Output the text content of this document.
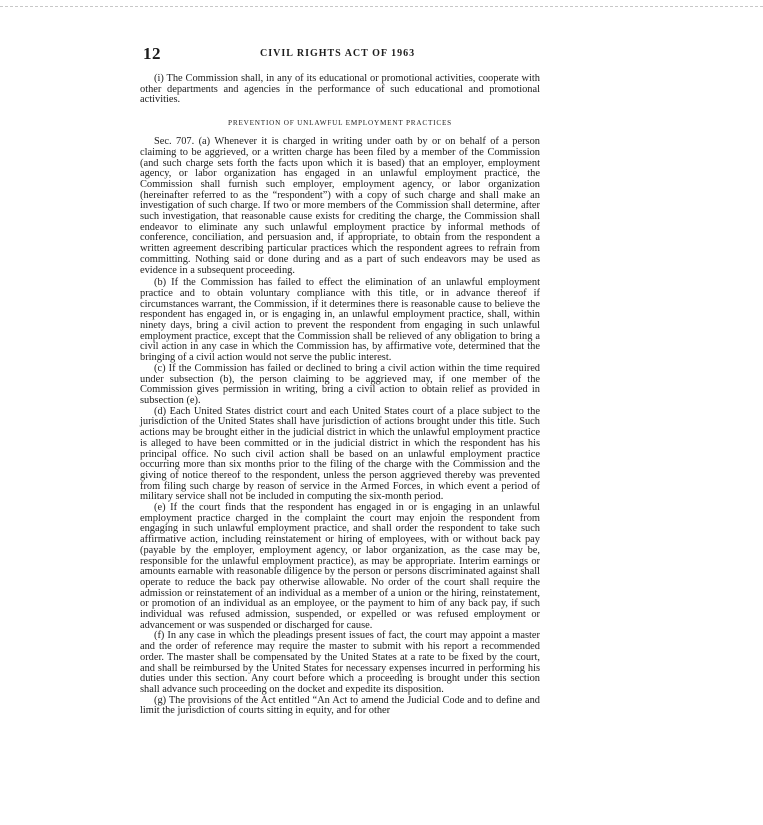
12	CIVIL RIGHTS ACT OF 1963

(i) The Commission shall, in any of its educational or promotional activities, cooperate with other departments and agencies in the performance of such educational and promotional activities.

PREVENTION OF UNLAWFUL EMPLOYMENT PRACTICES

Sec. 707. (a) Whenever it is charged in writing under oath by or on behalf of a person claiming to be aggrieved, or a written charge has been filed by a member of the Commission (and such charge sets forth the facts upon which it is based) that an employer, employment agency, or labor organization has engaged in an unlawful employment practice, the Commission shall furnish such employer, employment agency, or labor organization (hereinafter referred to as the “respondent”) with a copy of such charge and shall make an investigation of such charge. If two or more members of the Commission shall determine, after such investigation, that reasonable cause exists for crediting the charge, the Commission shall endeavor to eliminate any such unlawful employment practice by informal methods of conference, conciliation, and persuasion and, if appropriate, to obtain from the respondent a written agreement describing particular practices which the respondent agrees to refrain from committing. Nothing said or done during and as a part of such endeavors may be used as evidence in a subsequent proceeding.

(b) If the Commission has failed to effect the elimination of an unlawful employment practice and to obtain voluntary compliance with this title, or in advance thereof if circumstances warrant, the Commission, if it determines there is reasonable cause to believe the respondent has engaged in, or is engaging in, an unlawful employment practice, shall, within ninety days, bring a civil action to prevent the respondent from engaging in such unlawful employment practice, except that the Commission shall be relieved of any obligation to bring a civil action in any case in which the Commission has, by affirmative vote, determined that the bringing of a civil action would not serve the public interest.

(c) If the Commission has failed or declined to bring a civil action within the time required under subsection (b), the person claiming to be aggrieved may, if one member of the Commission gives permission in writing, bring a civil action to obtain relief as provided in subsection (e).

(d) Each United States district court and each United States court of a place subject to the jurisdiction of the United States shall have jurisdiction of actions brought under this title. Such actions may be brought either in the judicial district in which the unlawful employment practice is alleged to have been committed or in the judicial district in which the respondent has his principal office. No such civil action shall be based on an unlawful employment practice occurring more than six months prior to the filing of the charge with the Commission and the giving of notice thereof to the respondent, unless the person aggrieved thereby was prevented from filing such charge by reason of service in the Armed Forces, in which event a period of military service shall not be included in computing the six-month period.

(e) If the court finds that the respondent has engaged in or is engaging in an unlawful employment practice charged in the complaint the court may enjoin the respondent from engaging in such unlawful employment practice, and shall order the respondent to take such affirmative action, including reinstatement or hiring of employees, with or without back pay (payable by the employer, employment agency, or labor organization, as the case may be, responsible for the unlawful employment practice), as may be appropriate. Interim earnings or amounts earnable with reasonable diligence by the person or persons discriminated against shall operate to reduce the back pay otherwise allowable. No order of the court shall require the admission or reinstatement of an individual as a member of a union or the hiring, reinstatement, or promotion of an individual as an employee, or the payment to him of any back pay, if such individual was refused admission, suspended, or expelled or was refused employment or advancement or was suspended or discharged for cause.

(f) In any case in which the pleadings present issues of fact, the court may appoint a master and the order of reference may require the master to submit with his report a recommended order. The master shall be compensated by the United States at a rate to be fixed by the court, and shall be reimbursed by the United States for necessary expenses incurred in performing his duties under this section. Any court before which a proceeding is brought under this section shall advance such proceeding on the docket and expedite its disposition.

(g) The provisions of the Act entitled “An Act to amend the Judicial Code and to define and limit the jurisdiction of courts sitting in equity, and for other
